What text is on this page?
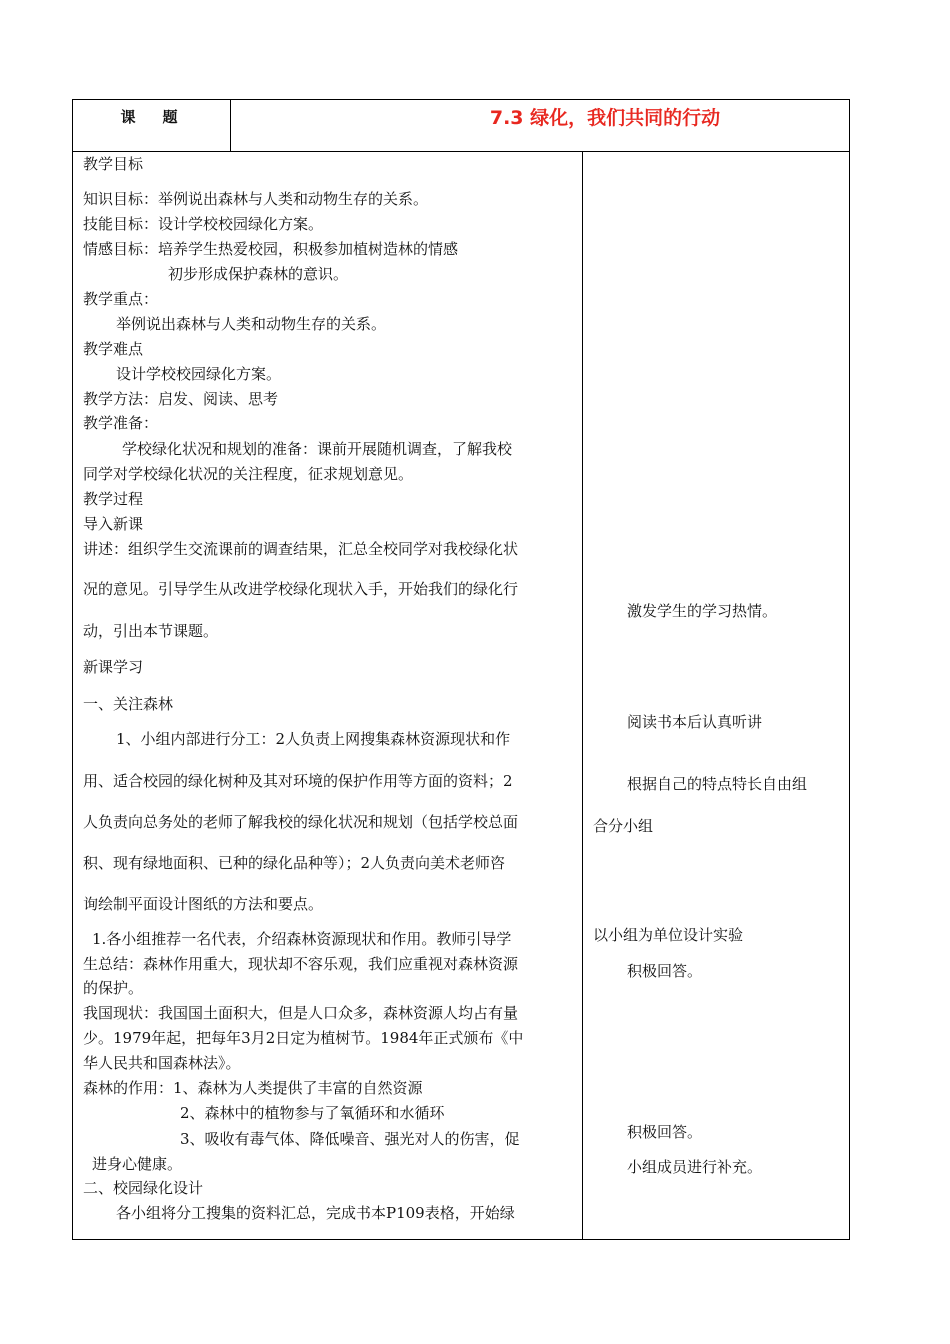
课　题	7.3 绿化，我们共同的行动
教学目标
知识目标：举例说出森林与人类和动物生存的关系。
技能目标：设计学校校园绿化方案。
情感目标：培养学生热爱校园，积极参加植树造林的情感
初步形成保护森林的意识。
教学重点：
举例说出森林与人类和动物生存的关系。
教学难点
设计学校校园绿化方案。
教学方法：启发、阅读、思考
教学准备：
学校绿化状况和规划的准备：课前开展随机调查，了解我校
同学对学校绿化状况的关注程度，征求规划意见。
教学过程
导入新课
讲述：组织学生交流课前的调查结果，汇总全校同学对我校绿化状
况的意见。引导学生从改进学校绿化现状入手，开始我们的绿化行
动，引出本节课题。
新课学习
一、关注森林
1、小组内部进行分工：2人负责上网搜集森林资源现状和作
用、适合校园的绿化树种及其对环境的保护作用等方面的资料；2
人负责向总务处的老师了解我校的绿化状况和规划（包括学校总面
积、现有绿地面积、已种的绿化品种等）；2人负责向美术老师咨
询绘制平面设计图纸的方法和要点。
1.各小组推荐一名代表，介绍森林资源现状和作用。教师引导学
生总结：森林作用重大，现状却不容乐观，我们应重视对森林资源
的保护。
我国现状：我国国土面积大，但是人口众多，森林资源人均占有量
少。1979年起，把每年3月2日定为植树节。1984年正式颁布《中
华人民共和国森林法》。
森林的作用：1、森林为人类提供了丰富的自然资源
2、森林中的植物参与了氧循环和水循环
3、吸收有毒气体、降低噪音、强光对人的伤害，促
进身心健康。
二、校园绿化设计
各小组将分工搜集的资料汇总，完成书本P109表格，开始绿
激发学生的学习热情。
阅读书本后认真听讲
根据自己的特点特长自由组
合分小组
以小组为单位设计实验
积极回答。
积极回答。
小组成员进行补充。
